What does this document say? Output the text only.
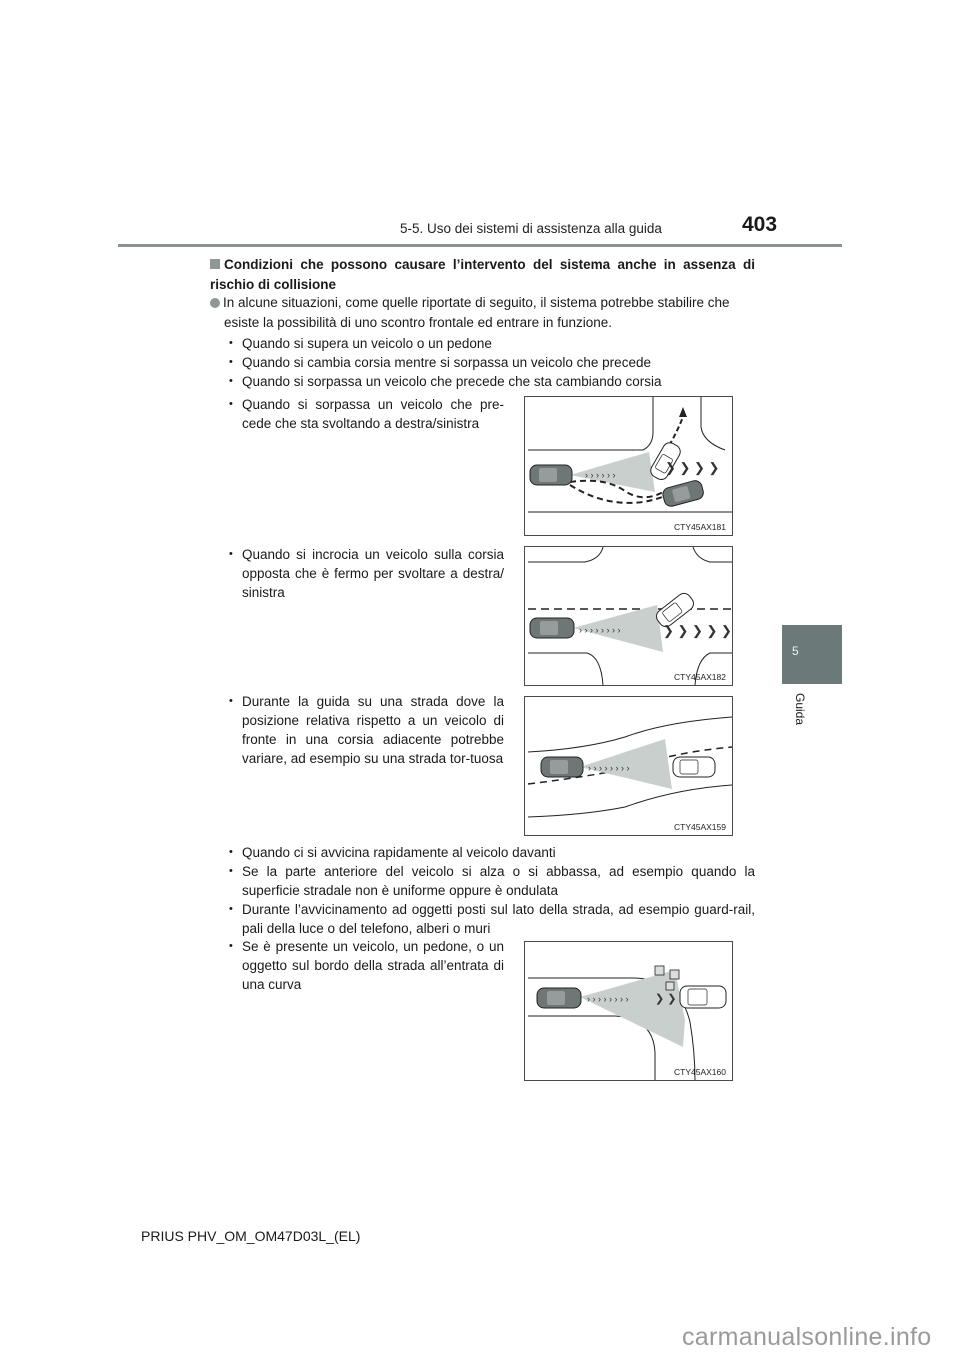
5-5. Uso dei sistemi di assistenza alla guida	403
Condizioni che possono causare l’intervento del sistema anche in assenza di rischio di collisione
In alcune situazioni, come quelle riportate di seguito, il sistema potrebbe stabilire che
esiste la possibilità di uno scontro frontale ed entrare in funzione.
• Quando si supera un veicolo o un pedone
• Quando si cambia corsia mentre si sorpassa un veicolo che precede
• Quando si sorpassa un veicolo che precede che sta cambiando corsia
• Quando si sorpassa un veicolo che pre-cede che sta svoltando a destra/sinistra
› › › › › ›	❯ ❯ ❯ ❯
CTY45AX181
• Quando si incrocia un veicolo sulla corsia opposta che è fermo per svoltare a destra/ sinistra
› › › › › › › ›	❯ ❯ ❯ ❯ ❯
CTY45AX182
• Durante la guida su una strada dove la posizione relativa rispetto a un veicolo di fronte in una corsia adiacente potrebbe variare, ad esempio su una strada tor-tuosa
› › › › › › › ›
CTY45AX159
• Quando ci si avvicina rapidamente al veicolo davanti
• Se la parte anteriore del veicolo si alza o si abbassa, ad esempio quando la superficie stradale non è uniforme oppure è ondulata
• Durante l’avvicinamento ad oggetti posti sul lato della strada, ad esempio guard-rail, pali della luce o del telefono, alberi o muri
• Se è presente un veicolo, un pedone, o un oggetto sul bordo della strada all’entrata di una curva
› › › › › › › › ❯ ❯
CTY45AX160
5
Guida
PRIUS PHV_OM_OM47D03L_(EL)
carmanualsonline.info
